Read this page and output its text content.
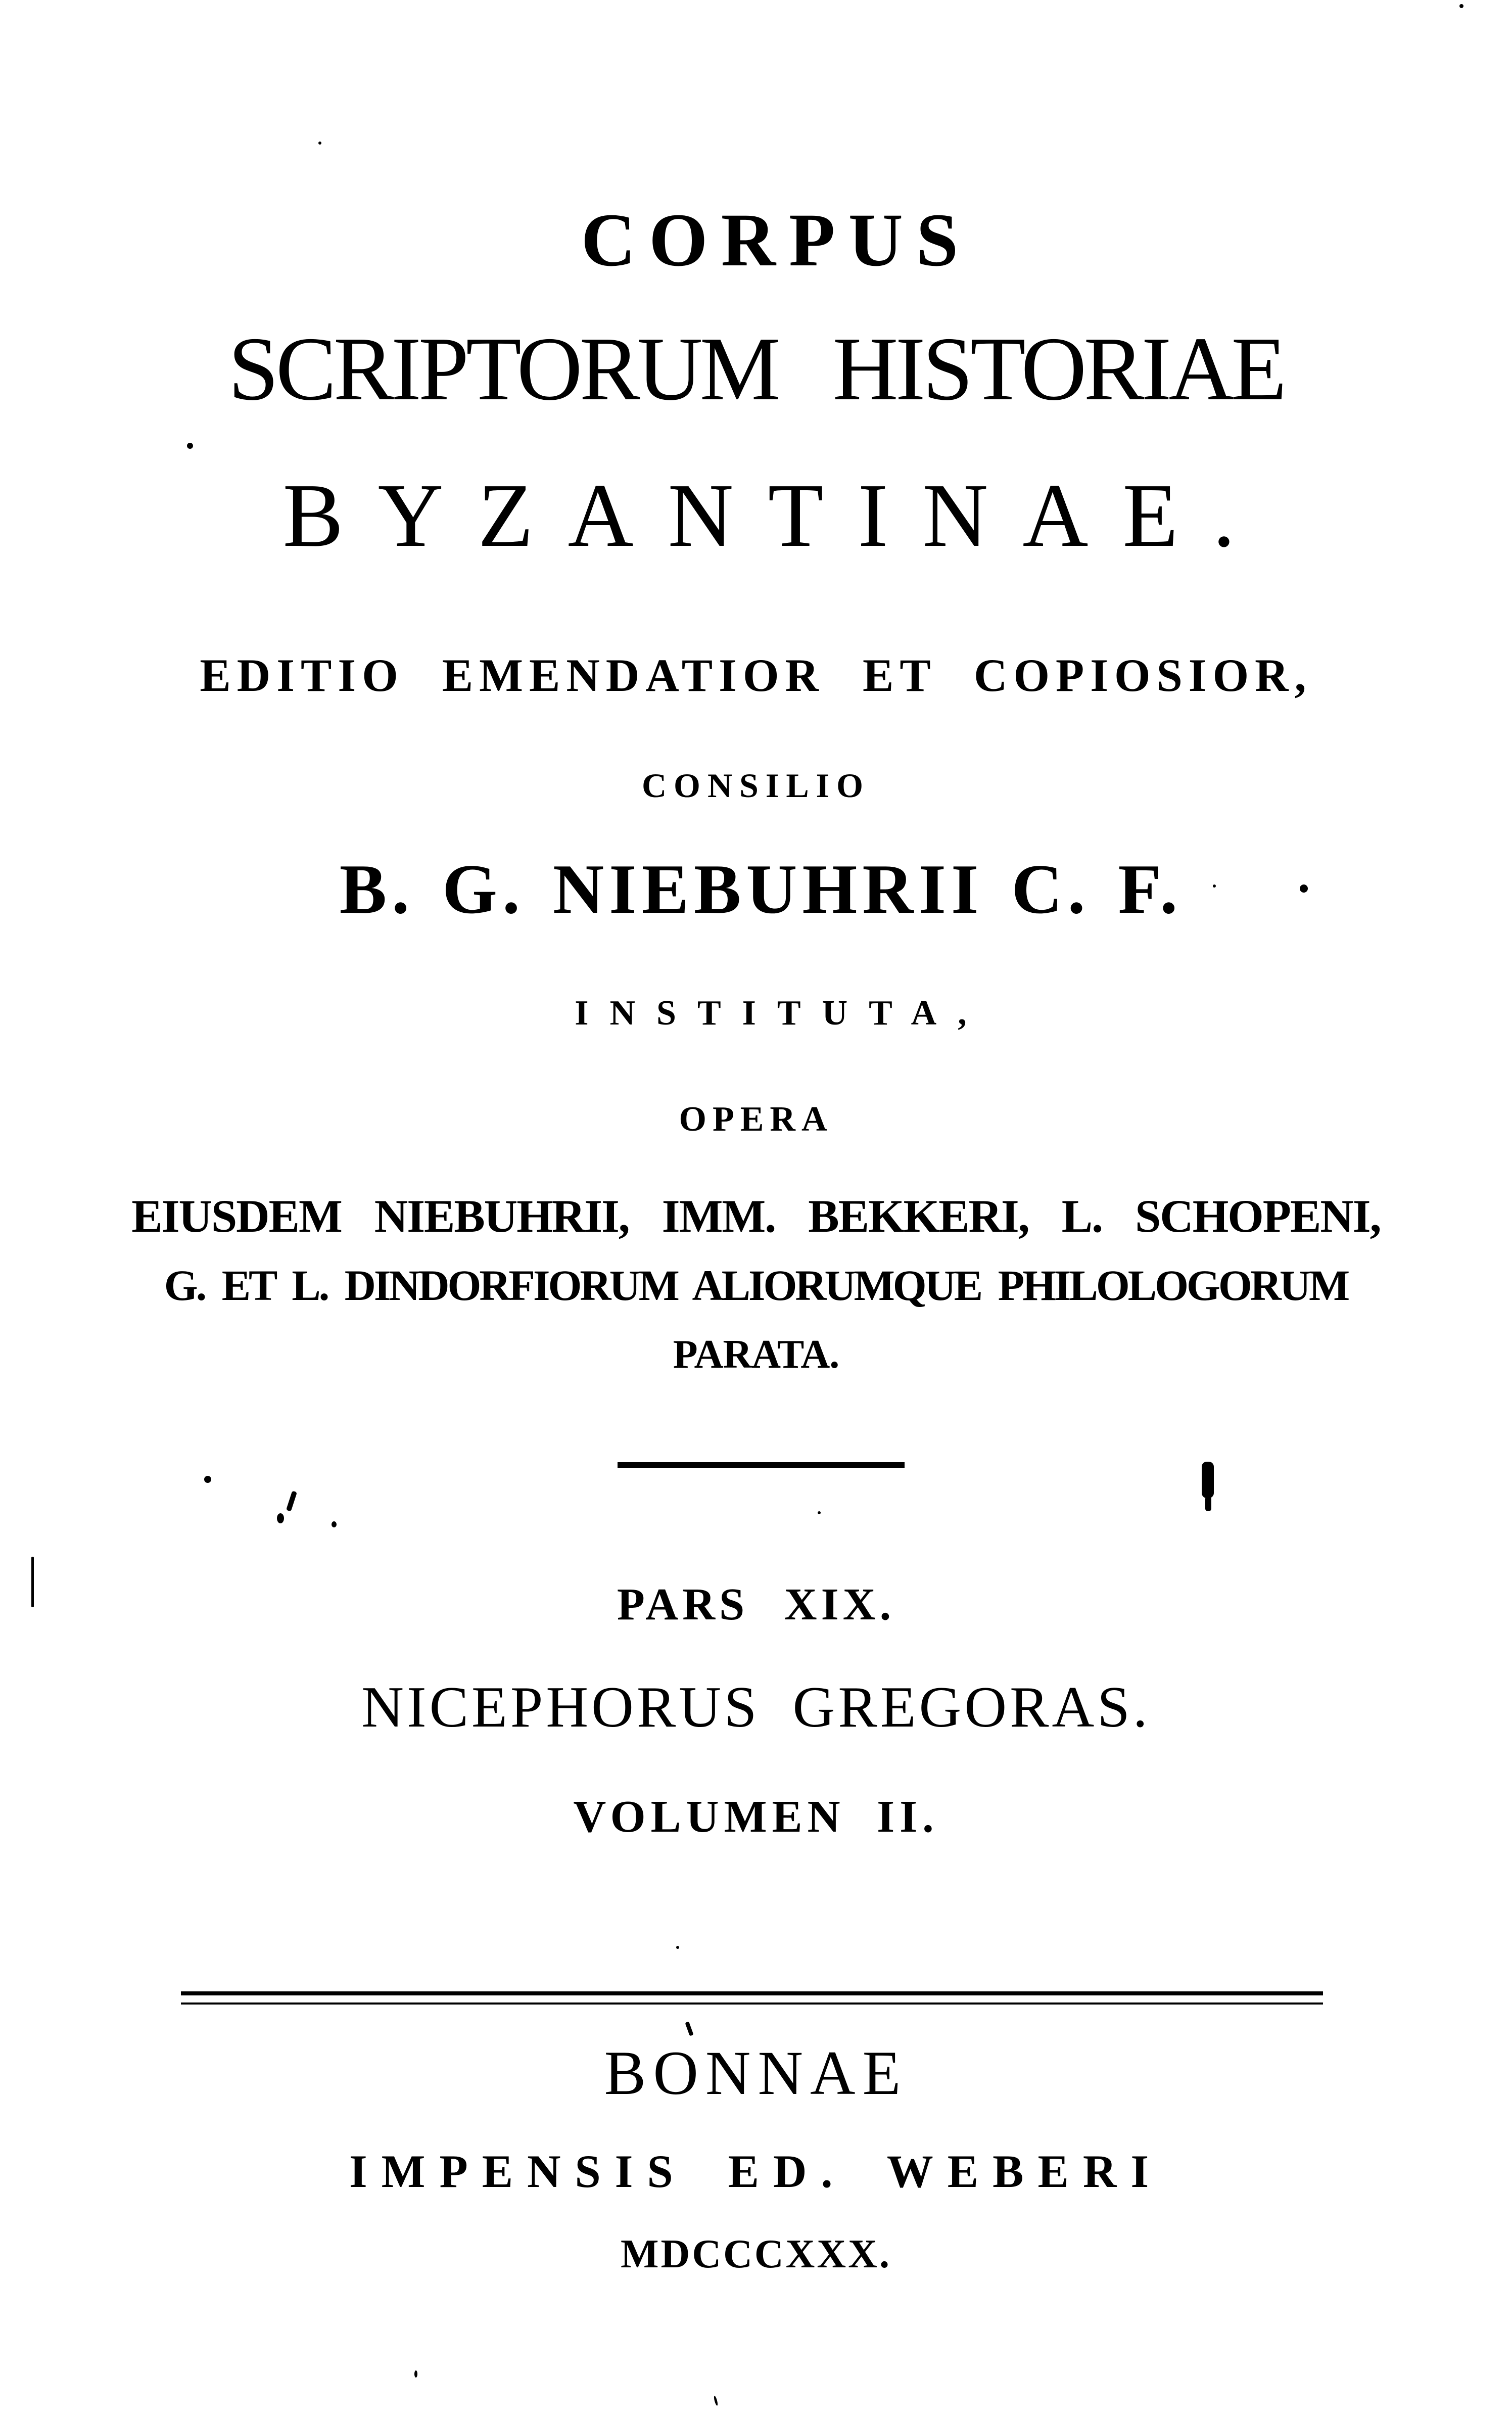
CORPUS
SCRIPTORUM HISTORIAE
BYZANTINAE.
EDITIO EMENDATIOR ET COPIOSIOR,
CONSILIO
B. G. NIEBUHRII C. F.
INSTITUTA,
OPERA
EIUSDEM NIEBUHRII, IMM. BEKKERI, L. SCHOPENI,
G. ET L. DINDORFIORUM ALIORUMQUE PHILOLOGORUM
PARATA.
PARS XIX.
NICEPHORUS GREGORAS.
VOLUMEN II.
BONNAE
IMPENSIS ED. WEBERI
MDCCCXXX.
